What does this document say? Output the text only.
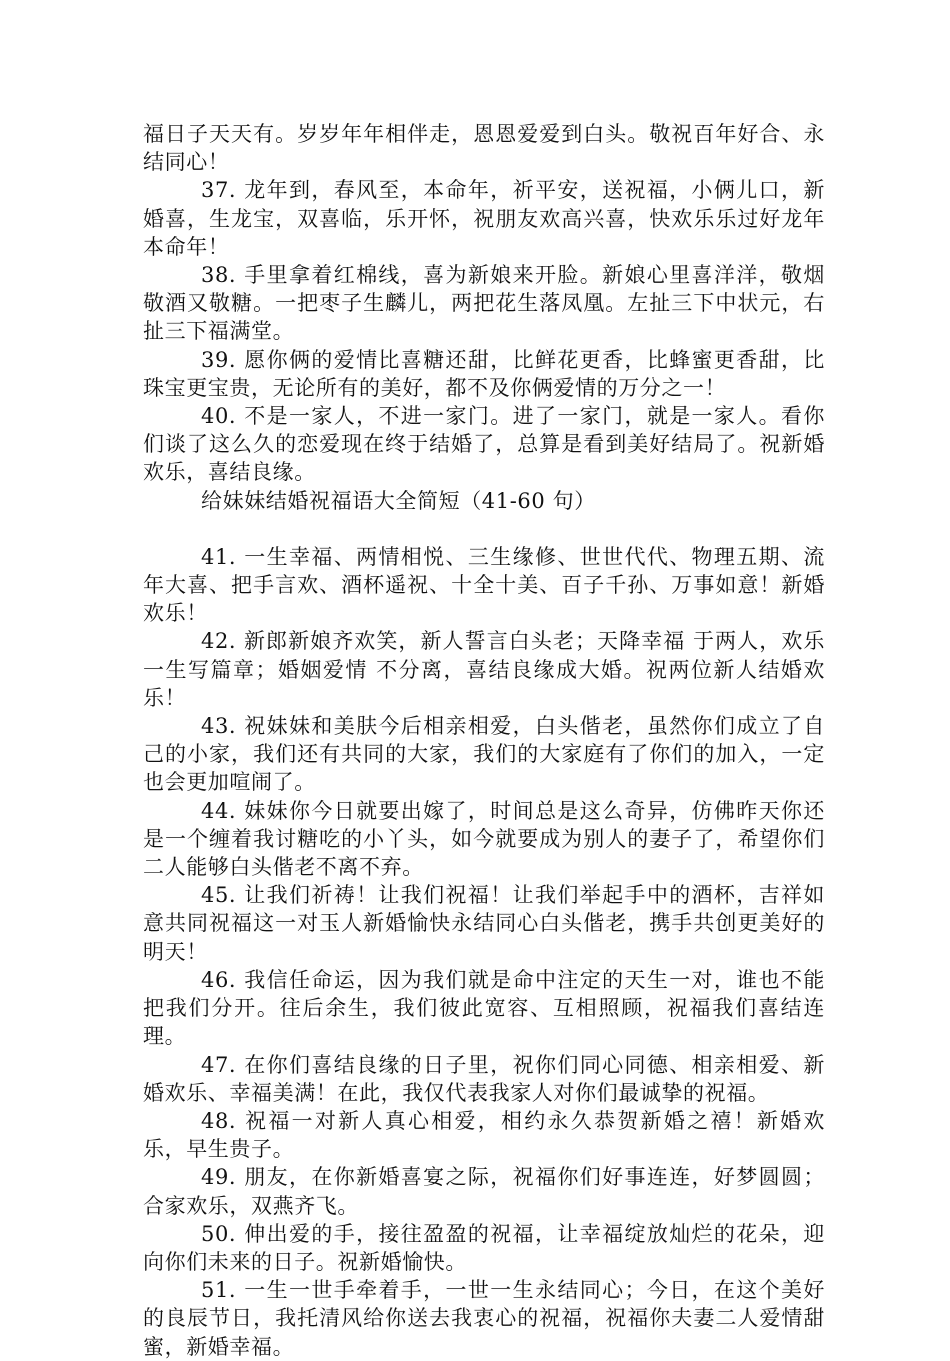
福日子天天有。岁岁年年相伴走，恩恩爱爱到白头。敬祝百年好合、永结同心！

37. 龙年到，春风至，本命年，祈平安，送祝福，小俩儿口，新婚喜，生龙宝，双喜临，乐开怀，祝朋友欢高兴喜，快欢乐乐过好龙年本命年！

38. 手里拿着红棉线，喜为新娘来开脸。新娘心里喜洋洋，敬烟敬酒又敬糖。一把枣子生麟儿，两把花生落凤凰。左扯三下中状元，右扯三下福满堂。

39. 愿你俩的爱情比喜糖还甜，比鲜花更香，比蜂蜜更香甜，比珠宝更宝贵，无论所有的美好，都不及你俩爱情的万分之一！

40. 不是一家人，不进一家门。进了一家门，就是一家人。看你们谈了这么久的恋爱现在终于结婚了，总算是看到美好结局了。祝新婚欢乐，喜结良缘。

给妹妹结婚祝福语大全简短（41-60 句）

41. 一生幸福、两情相悦、三生缘修、世世代代、物理五期、流年大喜、把手言欢、酒杯遥祝、十全十美、百子千孙、万事如意！新婚欢乐！

42. 新郎新娘齐欢笑，新人誓言白头老；天降幸福 于两人，欢乐 一生写篇章；婚姻爱情 不分离，喜结良缘成大婚。祝两位新人结婚欢乐！

43. 祝妹妹和美肤今后相亲相爱，白头偕老，虽然你们成立了自己的小家，我们还有共同的大家，我们的大家庭有了你们的加入，一定也会更加喧闹了。

44. 妹妹你今日就要出嫁了，时间总是这么奇异，仿佛昨天你还是一个缠着我讨糖吃的小丫头，如今就要成为别人的妻子了，希望你们二人能够白头偕老不离不弃。

45. 让我们祈祷！让我们祝福！让我们举起手中的酒杯，吉祥如意共同祝福这一对玉人新婚愉快永结同心白头偕老，携手共创更美好的明天！

46. 我信任命运，因为我们就是命中注定的天生一对，谁也不能把我们分开。往后余生，我们彼此宽容、互相照顾，祝福我们喜结连理。

47. 在你们喜结良缘的日子里，祝你们同心同德、相亲相爱、新婚欢乐、幸福美满！在此，我仅代表我家人对你们最诚挚的祝福。

48. 祝福一对新人真心相爱，相约永久恭贺新婚之禧！新婚欢乐，早生贵子。

49. 朋友，在你新婚喜宴之际，祝福你们好事连连，好梦圆圆；合家欢乐，双燕齐飞。

50. 伸出爱的手，接往盈盈的祝福，让幸福绽放灿烂的花朵，迎向你们未来的日子。祝新婚愉快。

51. 一生一世手牵着手，一世一生永结同心；今日，在这个美好的良辰节日，我托清风给你送去我衷心的祝福，祝福你夫妻二人爱情甜蜜，新婚幸福。
